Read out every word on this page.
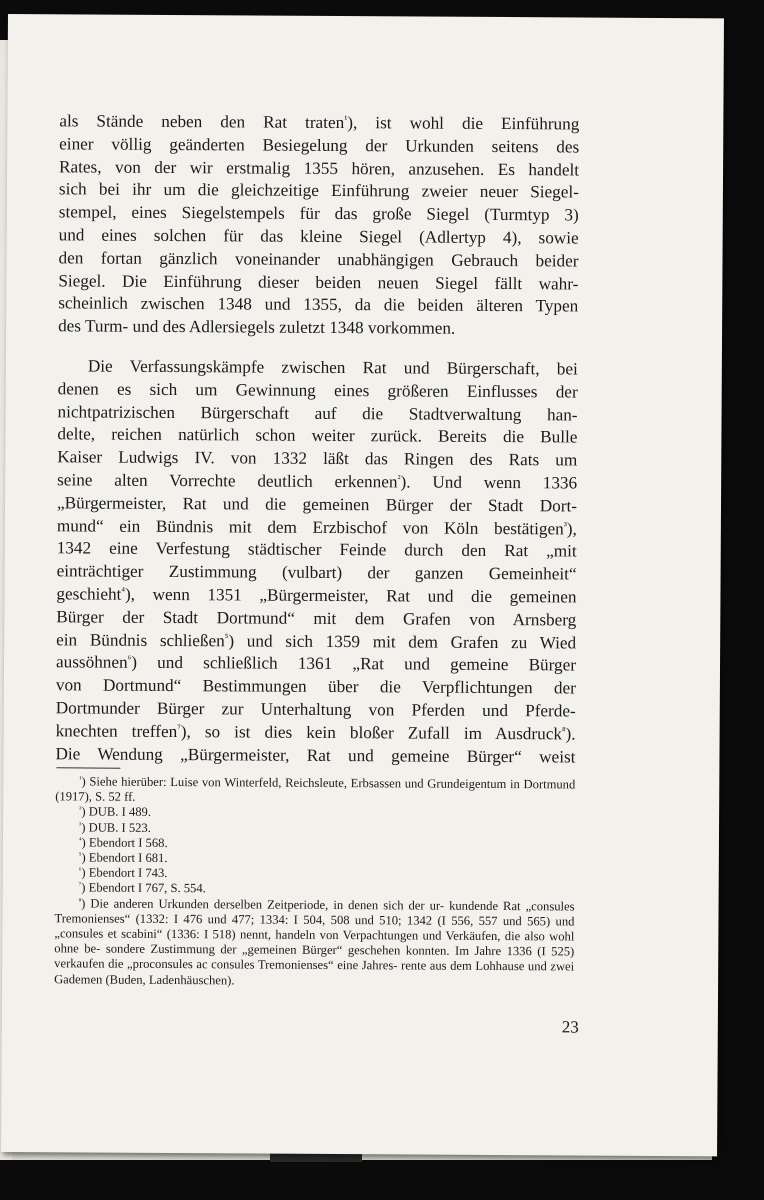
als Stände neben den Rat traten$^{^1}$), ist wohl die Einführung

einer völlig geänderten Besiegelung der Urkunden seitens des

Rates, von der wir erstmalig 1355 hören, anzusehen. Es handelt

sich bei ihr um die gleichzeitige Einführung zweier neuer Siegel-

stempel, eines Siegelstempels für das große Siegel (Turmtyp 3)

und eines solchen für das kleine Siegel (Adlertyp 4), sowie

den fortan gänzlich voneinander unabhängigen Gebrauch beider

Siegel. Die Einführung dieser beiden neuen Siegel fällt wahr-

scheinlich zwischen 1348 und 1355, da die beiden älteren Typen

des Turm- und des Adlersiegels zuletzt 1348 vorkommen.

Die Verfassungskämpfe zwischen Rat und Bürgerschaft, bei

denen es sich um Gewinnung eines größeren Einflusses der

nichtpatrizischen Bürgerschaft auf die Stadtverwaltung han-

delte, reichen natürlich schon weiter zurück. Bereits die Bulle

Kaiser Ludwigs IV. von 1332 läßt das Ringen des Rats um

seine alten Vorrechte deutlich erkennen$^{^2}$). Und wenn 1336

„Bürgermeister, Rat und die gemeinen Bürger der Stadt Dort-

mund“ ein Bündnis mit dem Erzbischof von Köln bestätigen$^{^3}$),

1342 eine Verfestung städtischer Feinde durch den Rat „mit

einträchtiger Zustimmung (vulbart) der ganzen Gemeinheit“

geschieht$^{^4}$), wenn 1351 „Bürgermeister, Rat und die gemeinen

Bürger der Stadt Dortmund“ mit dem Grafen von Arnsberg

ein Bündnis schließen$^{^5}$) und sich 1359 mit dem Grafen zu Wied

aussöhnen$^{^6}$) und schließlich 1361 „Rat und gemeine Bürger

von Dortmund“ Bestimmungen über die Verpflichtungen der

Dortmunder Bürger zur Unterhaltung von Pferden und Pferde-

knechten treffen$^{^7}$), so ist dies kein bloßer Zufall im Ausdruck$^{^8}$).

Die Wendung „Bürgermeister, Rat und gemeine Bürger“ weist

$^{^1}$) Siehe hierüber: Luise von Winterfeld, Reichsleute, Erbsassen und Grundeigentum in Dortmund (1917), S. 52 ff.

$^{^2}$) DUB. I 489.

$^{^3}$) DUB. I 523.

$^{^4}$) Ebendort I 568.

$^{^5}$) Ebendort I 681.

$^{^6}$) Ebendort I 743.

$^{^7}$) Ebendort I 767, S. 554.

$^{^8}$) Die anderen Urkunden derselben Zeitperiode, in denen sich der ur- kundende Rat „consules Tremonienses“ (1332: I 476 und 477; 1334: I 504, 508 und 510; 1342 (I 556, 557 und 565) und „consules et scabini“ (1336: I 518) nennt, handeln von Verpachtungen und Verkäufen, die also wohl ohne be- sondere Zustimmung der „gemeinen Bürger“ geschehen konnten. Im Jahre 1336 (I 525) verkaufen die „proconsules ac consules Tremonienses“ eine Jahres- rente aus dem Lohhause und zwei Gademen (Buden, Ladenhäuschen).

23
